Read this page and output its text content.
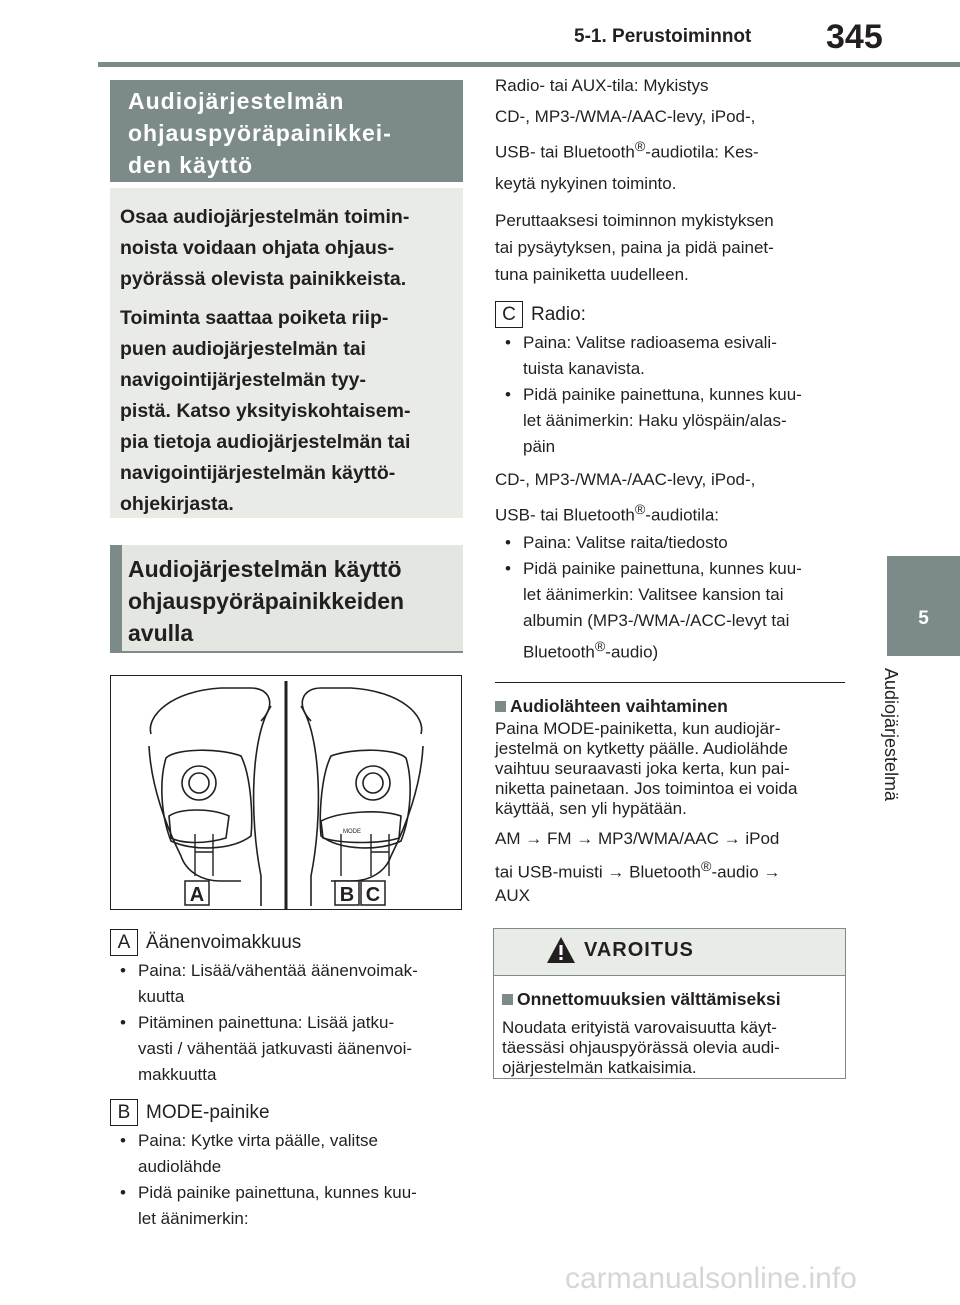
5-1. Perustoiminnot 345
5
Audiojärjestelmä
Audiojärjestelmän
ohjauspyöräpainikkei-
den käyttö

Osaa audiojärjestelmän toimin-
noista voidaan ohjata ohjaus-
pyörässä olevista painikkeista.

Toiminta saattaa poiketa riip-
puen audiojärjestelmän tai
navigointijärjestelmän tyy-
pistä. Katso yksityiskohtaisem-
pia tietoja audiojärjestelmän tai
navigointijärjestelmän käyttö-
ohjekirjasta.

Audiojärjestelmän käyttö
ohjauspyöräpainikkeiden
avulla
MODE
A	B C
A Äänenvoimakkuus
• Paina: Lisää/vähentää äänenvoimak-
kuutta
• Pitäminen painettuna: Lisää jatku-
vasti / vähentää jatkuvasti äänenvoi-
makkuutta
B MODE-painike
• Paina: Kytke virta päälle, valitse
audiolähde
• Pidä painike painettuna, kunnes kuu-
let äänimerkin:
Radio- tai AUX-tila: Mykistys
CD-, MP3-/WMA-/AAC-levy, iPod-,
USB- tai Bluetooth®-audiotila: Kes-
keytä nykyinen toiminto.
Peruttaaksesi toiminnon mykistyksen
tai pysäytyksen, paina ja pidä painet-
tuna painiketta uudelleen.
C Radio:
• Paina: Valitse radioasema esivali-
tuista kanavista.
• Pidä painike painettuna, kunnes kuu-
let äänimerkin: Haku ylöspäin/alas-
päin
CD-, MP3-/WMA-/AAC-levy, iPod-,
USB- tai Bluetooth®-audiotila:
• Paina: Valitse raita/tiedosto
• Pidä painike painettuna, kunnes kuu-
let äänimerkin: Valitsee kansion tai
albumin (MP3-/WMA-/ACC-levyt tai
Bluetooth®-audio)
Audiolähteen vaihtaminen
Paina MODE-painiketta, kun audiojär-
jestelmä on kytketty päälle. Audiolähde
vaihtuu seuraavasti joka kerta, kun pai-
niketta painetaan. Jos toimintoa ei voida
käyttää, sen yli hypätään.
AM → FM → MP3/WMA/AAC → iPod
tai USB-muisti → Bluetooth®-audio →
AUX
VAROITUS
Onnettomuuksien välttämiseksi
Noudata erityistä varovaisuutta käyt-
täessäsi ohjauspyörässä olevia audi-
ojärjestelmän katkaisimia.
carmanualsonline.info
